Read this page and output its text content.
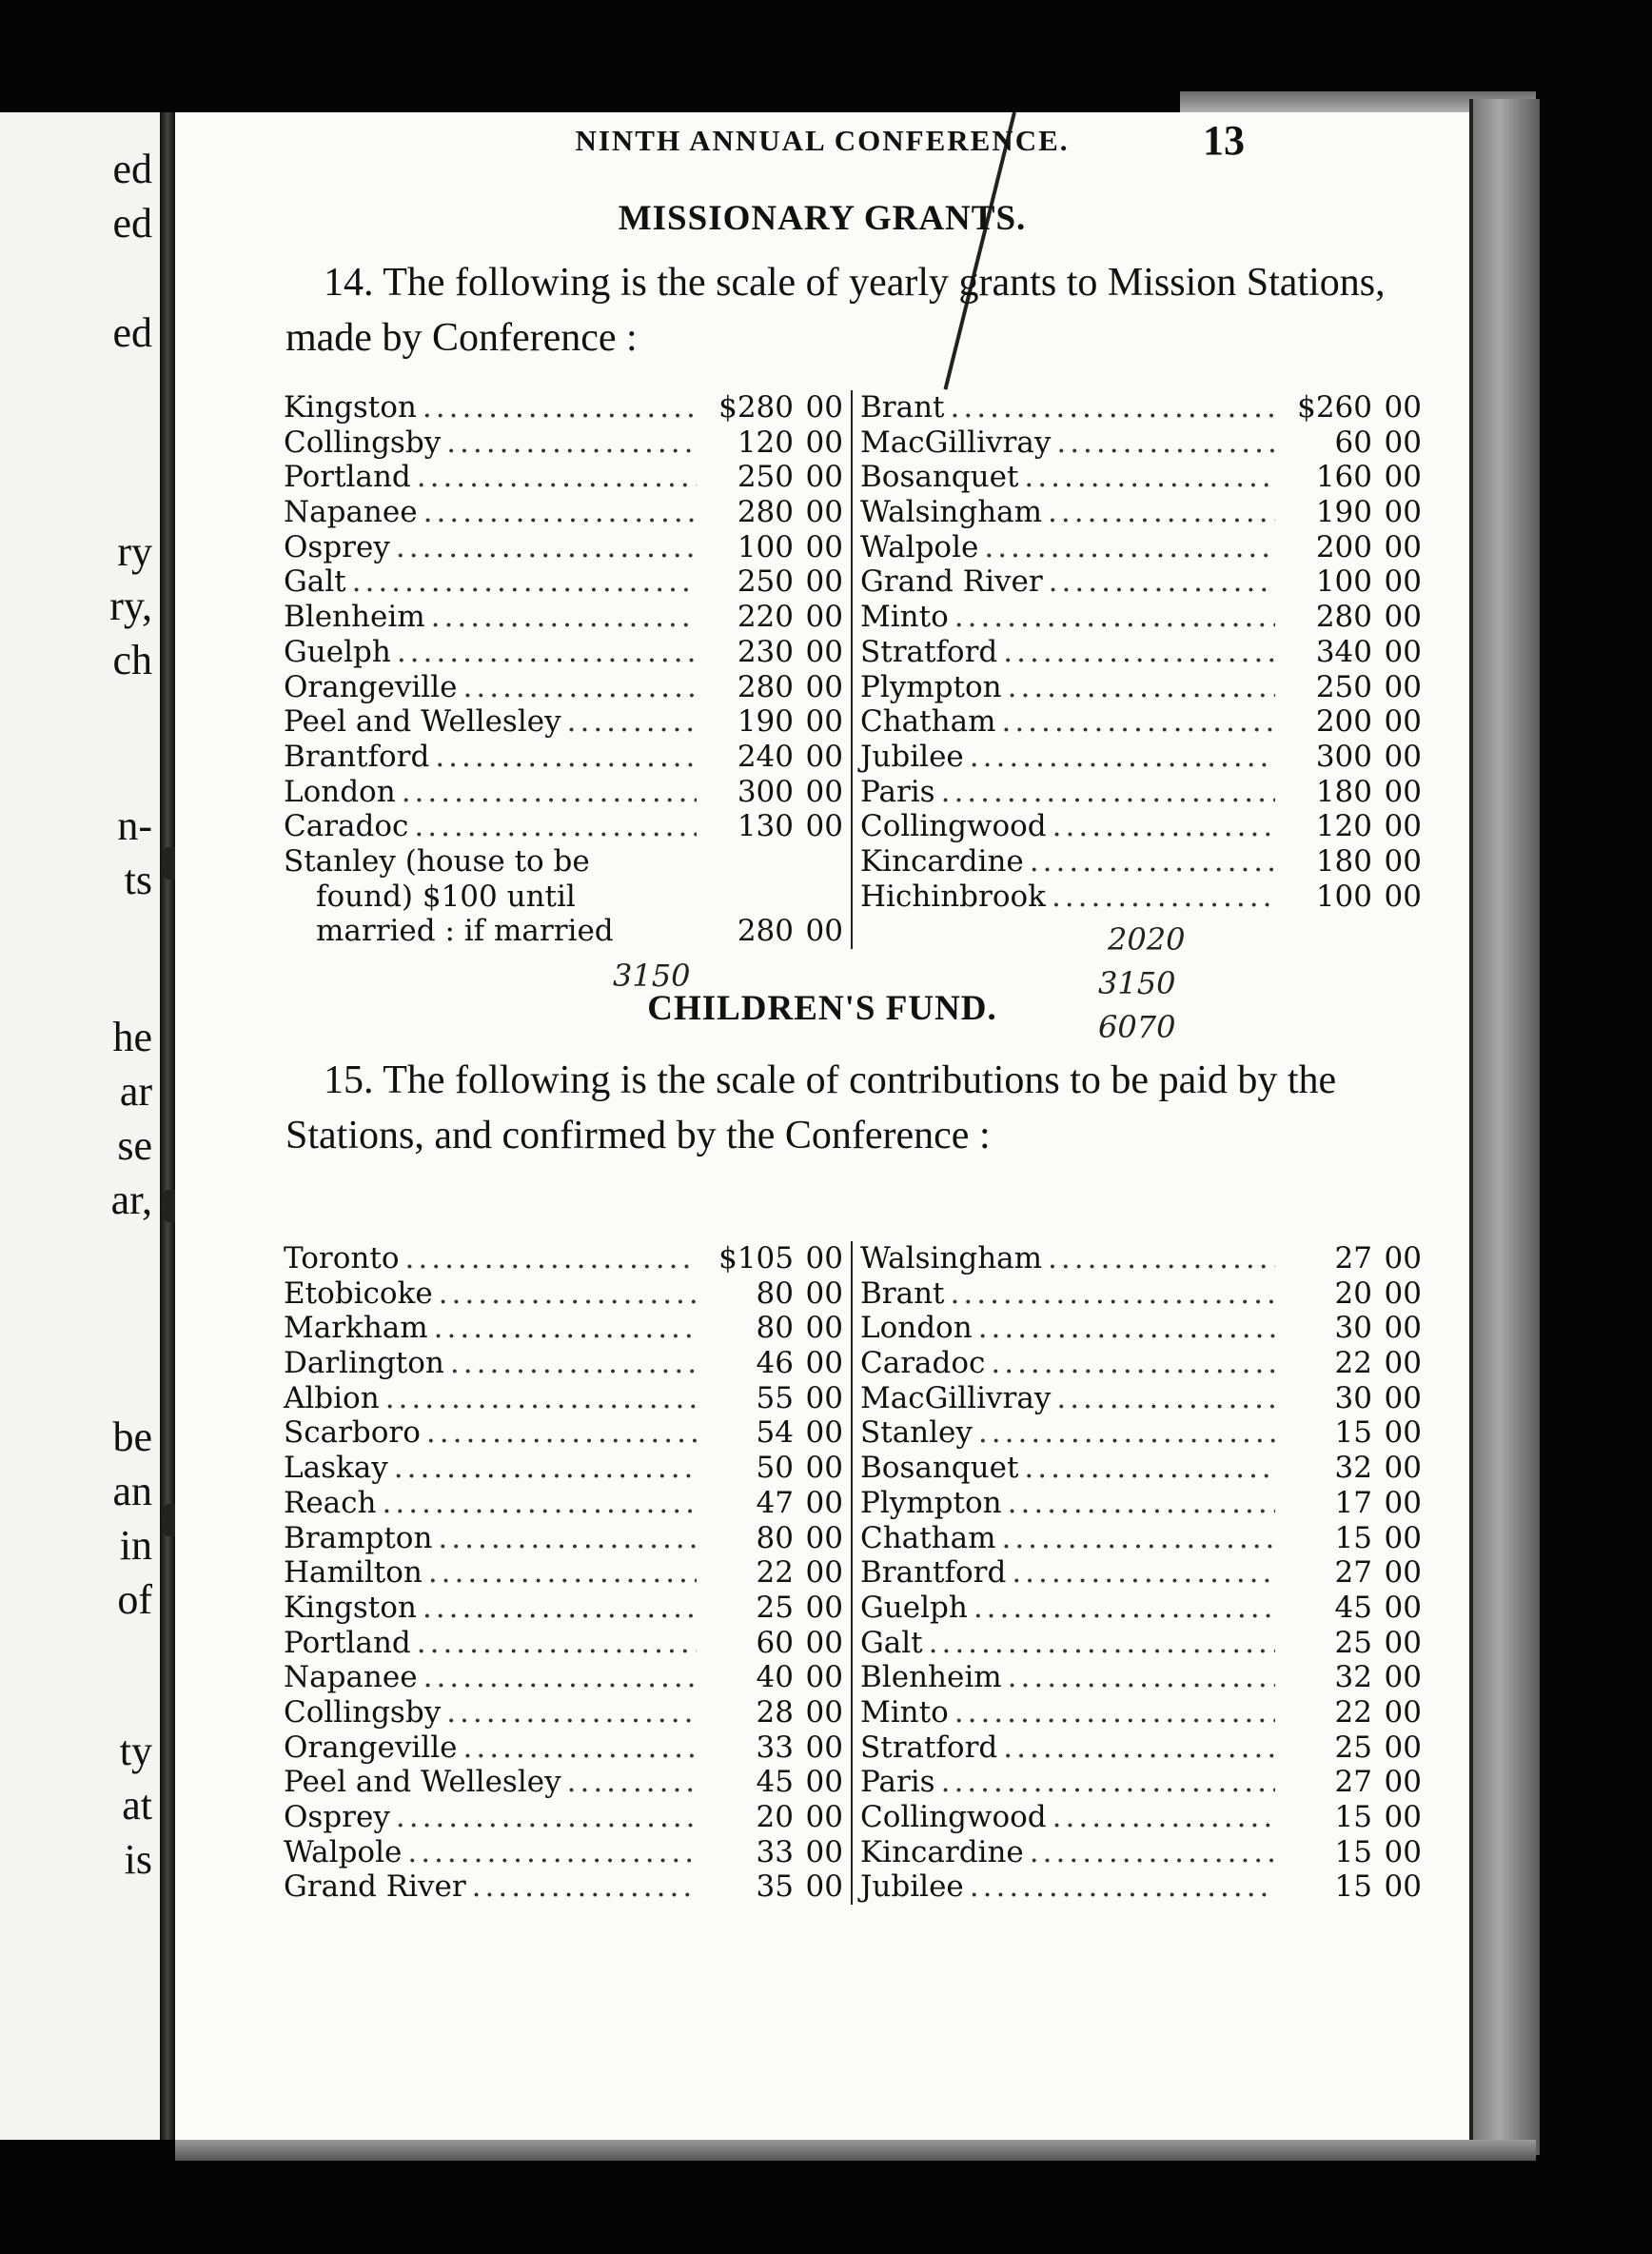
ed
ed
ed
ry
ry,
ch
n-
ts
he
ar
se
ar,
be
an
in
of
ty
at
is
NINTH ANNUAL CONFERENCE.	13
MISSIONARY GRANTS.
14. The following is the scale of yearly grants to Mission Stations, made by Conference :
Kingston .....	$280 00
Collingsby .....	120 00
Portland .....	250 00
Napanee .....	280 00
Osprey .....	100 00
Galt .....	250 00
Blenheim .....	220 00
Guelph .....	230 00
Orangeville .....	280 00
Peel and Wellesley .....	190 00
Brantford .....	240 00
London .....	300 00
Caradoc .....	130 00
Stanley (house to be
found) $100 until
married : if married	280 00
Brant .....	$260 00
MacGillivray .....	60 00
Bosanquet .....	160 00
Walsingham .....	190 00
Walpole .....	200 00
Grand River .....	100 00
Minto .....	280 00
Stratford .....	340 00
Plympton .....	250 00
Chatham .....	200 00
Jubilee .....	300 00
Paris .....	180 00
Collingwood .....	120 00
Kincardine .....	180 00
Hichinbrook .....	100 00
3150
2020
3150
6070
CHILDREN'S FUND.
15. The following is the scale of contributions to be paid by the Stations, and confirmed by the Conference :
Toronto .....	$105 00
Etobicoke .....	80 00
Markham .....	80 00
Darlington .....	46 00
Albion .....	55 00
Scarboro .....	54 00
Laskay .....	50 00
Reach .....	47 00
Brampton .....	80 00
Hamilton .....	22 00
Kingston .....	25 00
Portland .....	60 00
Napanee .....	40 00
Collingsby .....	28 00
Orangeville .....	33 00
Peel and Wellesley .....	45 00
Osprey .....	20 00
Walpole .....	33 00
Grand River .....	35 00
Walsingham .....	27 00
Brant .....	20 00
London .....	30 00
Caradoc .....	22 00
MacGillivray .....	30 00
Stanley .....	15 00
Bosanquet .....	32 00
Plympton .....	17 00
Chatham .....	15 00
Brantford .....	27 00
Guelph .....	45 00
Galt .....	25 00
Blenheim .....	32 00
Minto .....	22 00
Stratford .....	25 00
Paris .....	27 00
Collingwood .....	15 00
Kincardine .....	15 00
Jubilee .....	15 00
